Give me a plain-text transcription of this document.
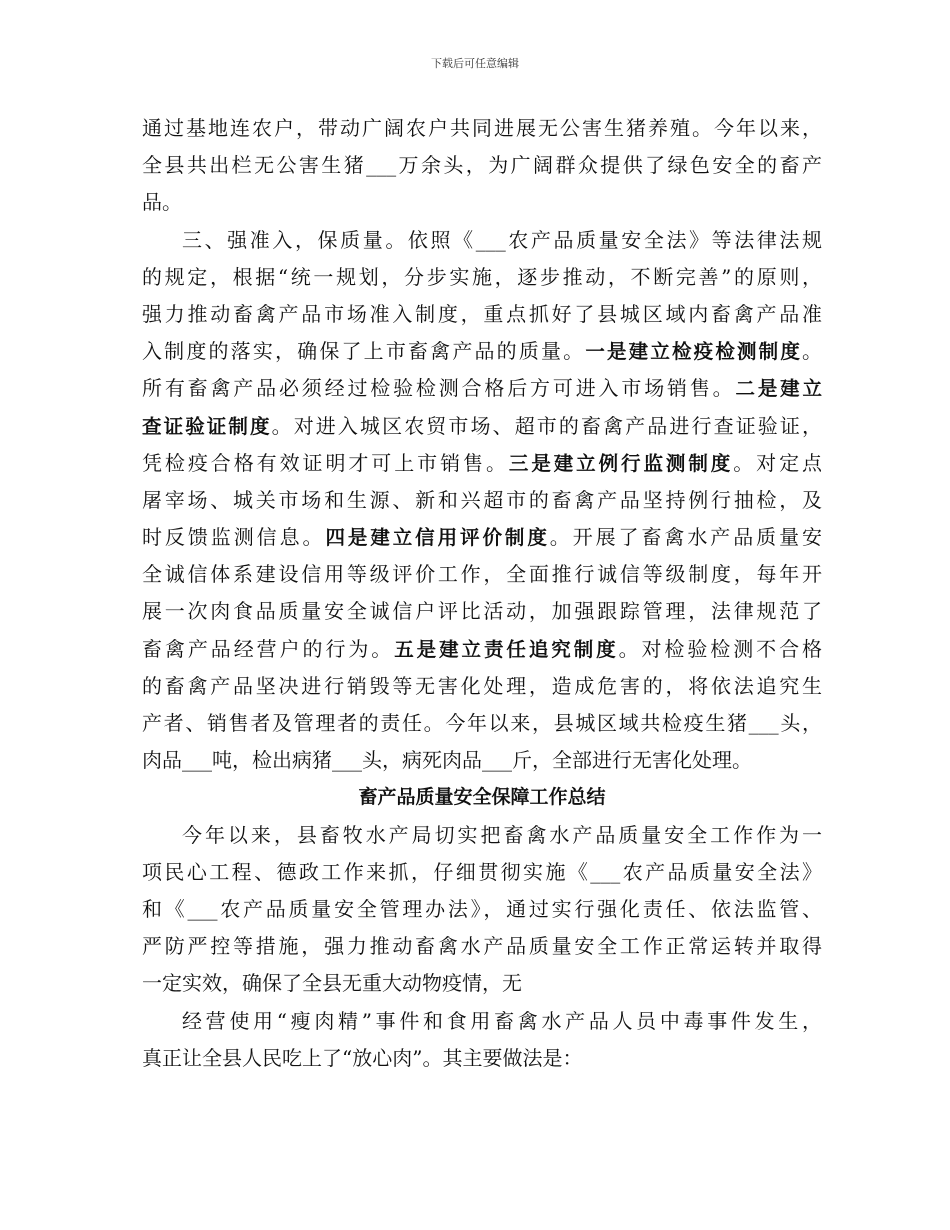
下载后可任意编辑
通过基地连农户，带动广阔农户共同进展无公害生猪养殖。今年以来，
全县共出栏无公害生猪___万余头，为广阔群众提供了绿色安全的畜产
品。
三、强准入，保质量。依照《___农产品质量安全法》等法律法规
的规定，根据“统一规划，分步实施，逐步推动，不断完善”的原则，
强力推动畜禽产品市场准入制度，重点抓好了县城区域内畜禽产品准
入制度的落实，确保了上市畜禽产品的质量。一是建立检疫检测制度。
所有畜禽产品必须经过检验检测合格后方可进入市场销售。二是建立
查证验证制度。对进入城区农贸市场、超市的畜禽产品进行查证验证，
凭检疫合格有效证明才可上市销售。三是建立例行监测制度。对定点
屠宰场、城关市场和生源、新和兴超市的畜禽产品坚持例行抽检，及
时反馈监测信息。四是建立信用评价制度。开展了畜禽水产品质量安
全诚信体系建设信用等级评价工作，全面推行诚信等级制度，每年开
展一次肉食品质量安全诚信户评比活动，加强跟踪管理，法律规范了
畜禽产品经营户的行为。五是建立责任追究制度。对检验检测不合格
的畜禽产品坚决进行销毁等无害化处理，造成危害的，将依法追究生
产者、销售者及管理者的责任。今年以来，县城区域共检疫生猪___头，
肉品___吨，检出病猪___头，病死肉品___斤，全部进行无害化处理。
畜产品质量安全保障工作总结
今年以来，县畜牧水产局切实把畜禽水产品质量安全工作作为一
项民心工程、德政工作来抓，仔细贯彻实施《___农产品质量安全法》
和《___农产品质量安全管理办法》，通过实行强化责任、依法监管、
严防严控等措施，强力推动畜禽水产品质量安全工作正常运转并取得
一定实效，确保了全县无重大动物疫情，无
经营使用“瘦肉精”事件和食用畜禽水产品人员中毒事件发生，
真正让全县人民吃上了“放心肉”。其主要做法是：
